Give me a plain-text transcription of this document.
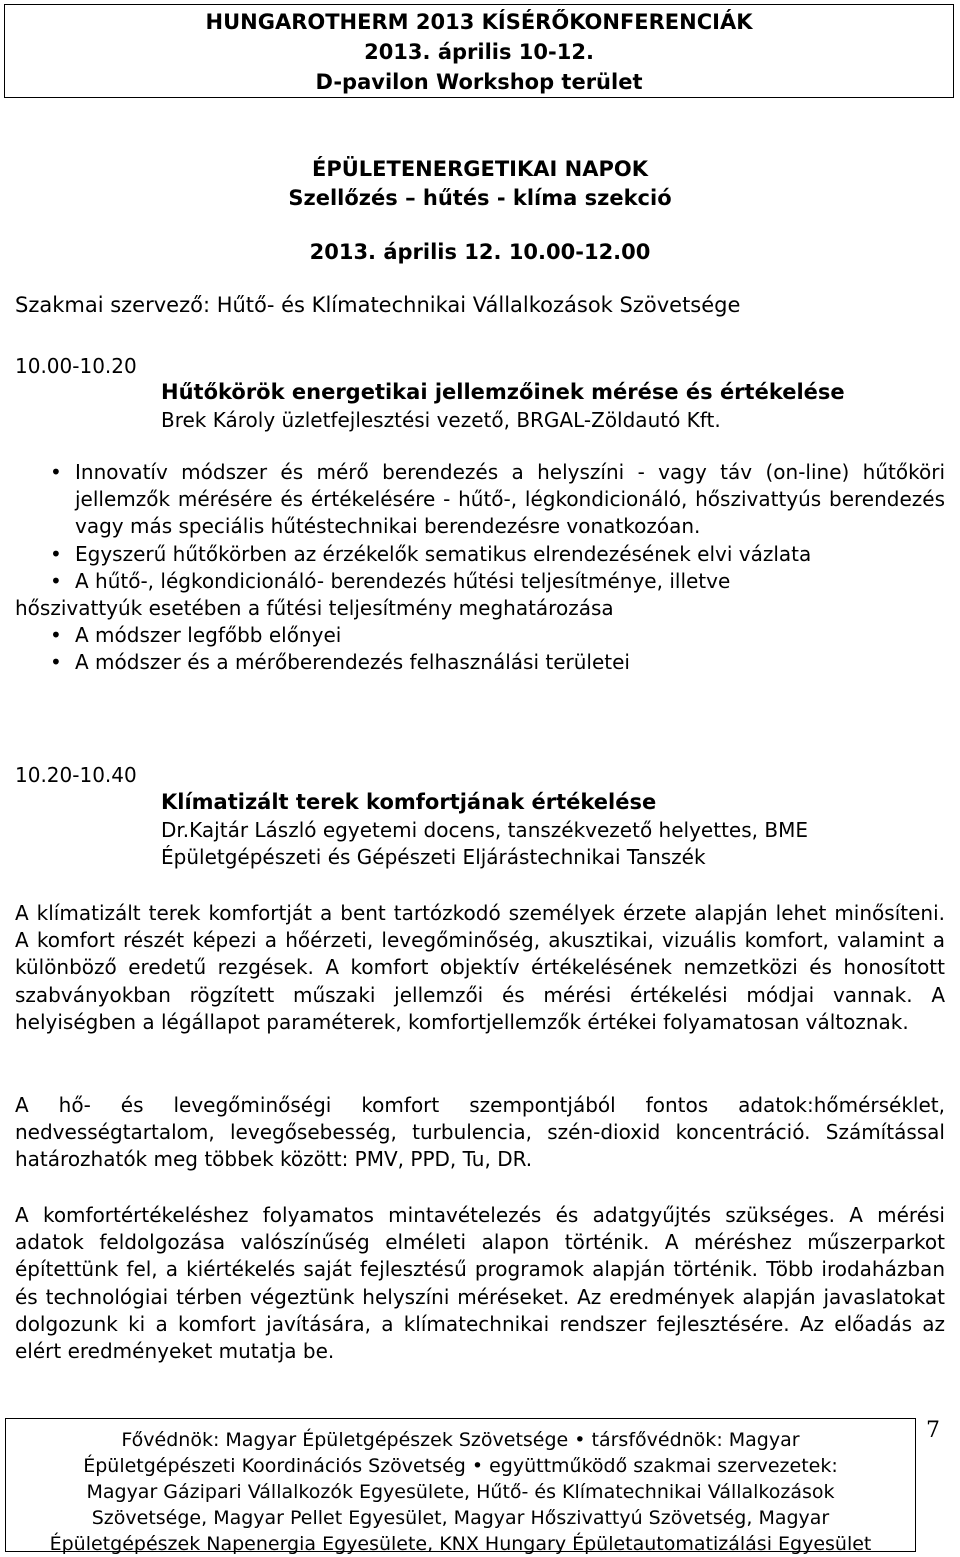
HUNGAROTHERM 2013 KÍSÉRŐKONFERENCIÁK
2013. április 10-12.
D-pavilon Workshop terület
ÉPÜLETENERGETIKAI NAPOK
Szellőzés – hűtés - klíma szekció
2013. április 12. 10.00-12.00
Szakmai szervező: Hűtő- és Klímatechnikai Vállalkozások Szövetsége
10.00-10.20
Hűtőkörök energetikai jellemzőinek mérése és értékelése
Brek Károly üzletfejlesztési vezető, BRGAL-Zöldautó Kft.
• Innovatív módszer és mérő berendezés a helyszíni - vagy táv (on-line) hűtőköri jellemzők mérésére és értékelésére - hűtő-, légkondicionáló, hőszivattyús berendezés vagy más speciális hűtéstechnikai berendezésre vonatkozóan.
• Egyszerű hűtőkörben az érzékelők sematikus elrendezésének elvi vázlata
• A hűtő-, légkondicionáló- berendezés hűtési teljesítménye, illetve
hőszivattyúk esetében a fűtési teljesítmény meghatározása
• A módszer legfőbb előnyei
• A módszer és a mérőberendezés felhasználási területei
10.20-10.40
Klímatizált terek komfortjának értékelése
Dr.Kajtár László egyetemi docens, tanszékvezető helyettes, BME
Épületgépészeti és Gépészeti Eljárástechnikai Tanszék

A klímatizált terek komfortját a bent tartózkodó személyek érzete alapján lehet minősíteni. A komfort részét képezi a hőérzeti, levegőminőség, akusztikai, vizuális komfort, valamint a különböző eredetű rezgések. A komfort objektív értékelésének nemzetközi és honosított szabványokban rögzített műszaki jellemzői és mérési értékelési módjai vannak. A helyiségben a légállapot paraméterek, komfortjellemzők értékei folyamatosan változnak.

A hő- és levegőminőségi komfort szempontjából fontos adatok:hőmérséklet, nedvességtartalom, levegősebesség, turbulencia, szén-dioxid koncentráció. Számítással határozhatók meg többek között: PMV, PPD, Tu, DR.

A komfortértékeléshez folyamatos mintavételezés és adatgyűjtés szükséges. A mérési adatok feldolgozása valószínűség elméleti alapon történik. A méréshez műszerparkot építettünk fel, a kiértékelés saját fejlesztésű programok alapján történik. Több irodaházban és technológiai térben végeztünk helyszíni méréseket. Az eredmények alapján javaslatokat dolgozunk ki a komfort javítására, a klímatechnikai rendszer fejlesztésére. Az előadás az elért eredményeket mutatja be.

Fővédnök: Magyar Épületgépészek Szövetsége • társfővédnök: Magyar
Épületgépészeti Koordinációs Szövetség • együttműködő szakmai szervezetek:
Magyar Gázipari Vállalkozók Egyesülete, Hűtő- és Klímatechnikai Vállalkozások
Szövetsége, Magyar Pellet Egyesület, Magyar Hőszivattyú Szövetség, Magyar
Épületgépészek Napenergia Egyesülete, KNX Hungary Épületautomatizálási Egyesület
7
